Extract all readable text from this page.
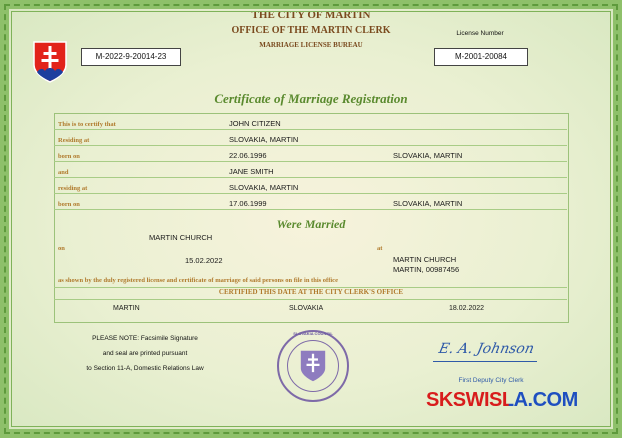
THE CITY OF MARTIN
OFFICE OF THE MARTIN CLERK
MARRIAGE LICENSE BUREAU
M-2022-9-20014-23
License Number
M-2001-20084
Certificate of Marriage Registration
This is to certify that	JOHN CITIZEN
Residing at	SLOVAKIA, MARTIN
born on	22.06.1996	SLOVAKIA, MARTIN
and	JANE SMITH
residing at	SLOVAKIA, MARTIN
born on	17.06.1999	SLOVAKIA, MARTIN
Were Married
MARTIN CHURCH
on	at
15.02.2022	MARTIN CHURCH
MARTIN, 00987456
as shown by the duly registered license and certificate of marriage of said persons on file in this office
CERTIFIED THIS DATE AT THE CITY CLERK'S OFFICE
MARTIN	SLOVAKIA	18.02.2022
PLEASE NOTE: Facsimile Signature
and seal are printed pursuant
to Section 11-A, Domestic Relations Law
SLOVAKIA COUNCIL
E. A. Johnson
First Deputy City Clerk
SKSWISLA.COM
